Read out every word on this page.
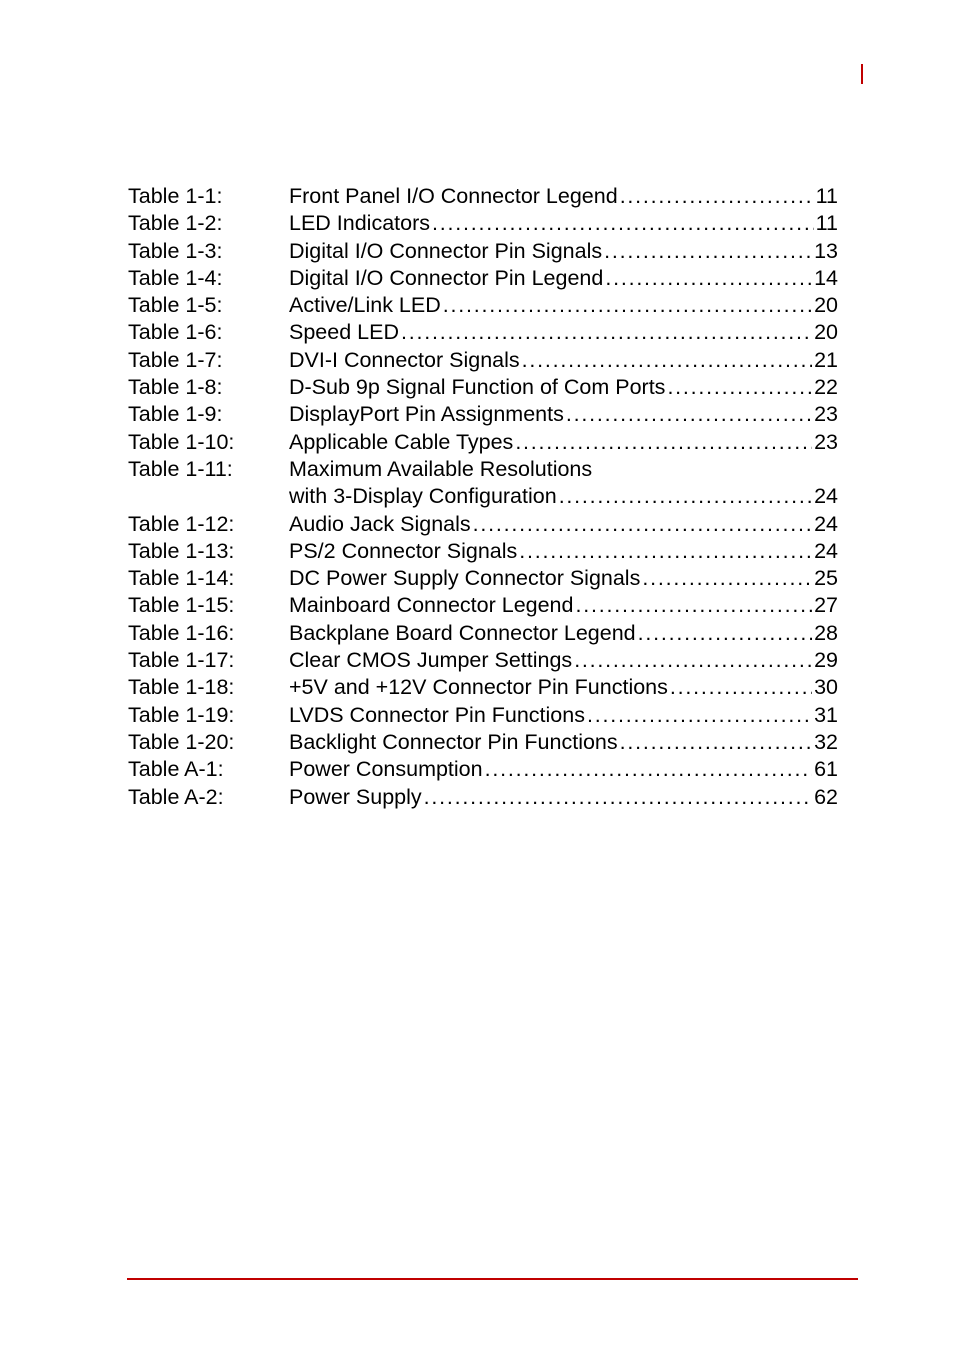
Table 1-1:	Front Panel I/O Connector Legend . . .	11
Table 1-2:	LED Indicators . . .	11
Table 1-3:	Digital I/O Connector Pin Signals . . .	13
Table 1-4:	Digital I/O Connector Pin Legend . . .	14
Table 1-5:	Active/Link LED . . .	20
Table 1-6:	Speed LED . . .	20
Table 1-7:	DVI-I Connector Signals . . .	21
Table 1-8:	D-Sub 9p Signal Function of Com Ports . . .	22
Table 1-9:	DisplayPort Pin Assignments . . .	23
Table 1-10:	Applicable Cable Types . . .	23
Table 1-11:	Maximum Available Resolutions
with 3-Display Configuration . . .	24
Table 1-12:	Audio Jack Signals . . .	24
Table 1-13:	PS/2 Connector Signals . . .	24
Table 1-14:	DC Power Supply Connector Signals . . .	25
Table 1-15:	Mainboard Connector Legend . . .	27
Table 1-16:	Backplane Board Connector Legend . . .	28
Table 1-17:	Clear CMOS Jumper Settings . . .	29
Table 1-18:	+5V and +12V Connector Pin Functions . . .	30
Table 1-19:	LVDS Connector Pin Functions . . .	31
Table 1-20:	Backlight Connector Pin Functions . . .	32
Table A-1:	Power Consumption . . .	61
Table A-2:	Power Supply . . .	62
